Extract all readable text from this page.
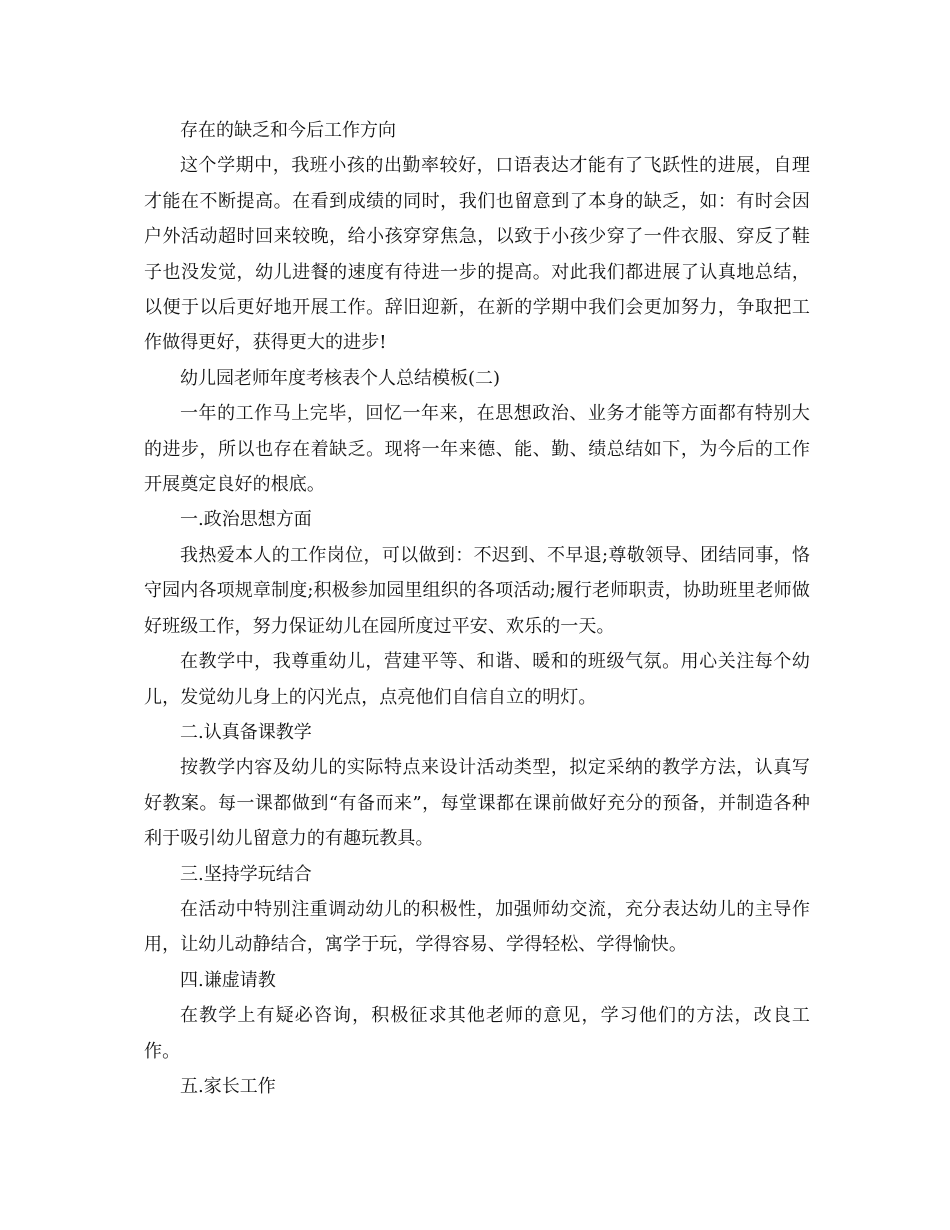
存在的缺乏和今后工作方向

这个学期中，我班小孩的出勤率较好，口语表达才能有了飞跃性的进展，自理才能在不断提高。在看到成绩的同时，我们也留意到了本身的缺乏，如：有时会因户外活动超时回来较晚，给小孩穿穿焦急，以致于小孩少穿了一件衣服、穿反了鞋子也没发觉，幼儿进餐的速度有待进一步的提高。对此我们都进展了认真地总结，以便于以后更好地开展工作。辞旧迎新，在新的学期中我们会更加努力，争取把工作做得更好，获得更大的进步!

幼儿园老师年度考核表个人总结模板(二)

一年的工作马上完毕，回忆一年来，在思想政治、业务才能等方面都有特别大的进步，所以也存在着缺乏。现将一年来德、能、勤、绩总结如下，为今后的工作开展奠定良好的根底。

一.政治思想方面

我热爱本人的工作岗位，可以做到：不迟到、不早退;尊敬领导、团结同事，恪守园内各项规章制度;积极参加园里组织的各项活动;履行老师职责，协助班里老师做好班级工作，努力保证幼儿在园所度过平安、欢乐的一天。

在教学中，我尊重幼儿，营建平等、和谐、暖和的班级气氛。用心关注每个幼儿，发觉幼儿身上的闪光点，点亮他们自信自立的明灯。

二.认真备课教学

按教学内容及幼儿的实际特点来设计活动类型，拟定采纳的教学方法，认真写好教案。每一课都做到“有备而来”，每堂课都在课前做好充分的预备，并制造各种利于吸引幼儿留意力的有趣玩教具。

三.坚持学玩结合

在活动中特别注重调动幼儿的积极性，加强师幼交流，充分表达幼儿的主导作用，让幼儿动静结合，寓学于玩，学得容易、学得轻松、学得愉快。

四.谦虚请教

在教学上有疑必咨询，积极征求其他老师的意见，学习他们的方法，改良工作。

五.家长工作
